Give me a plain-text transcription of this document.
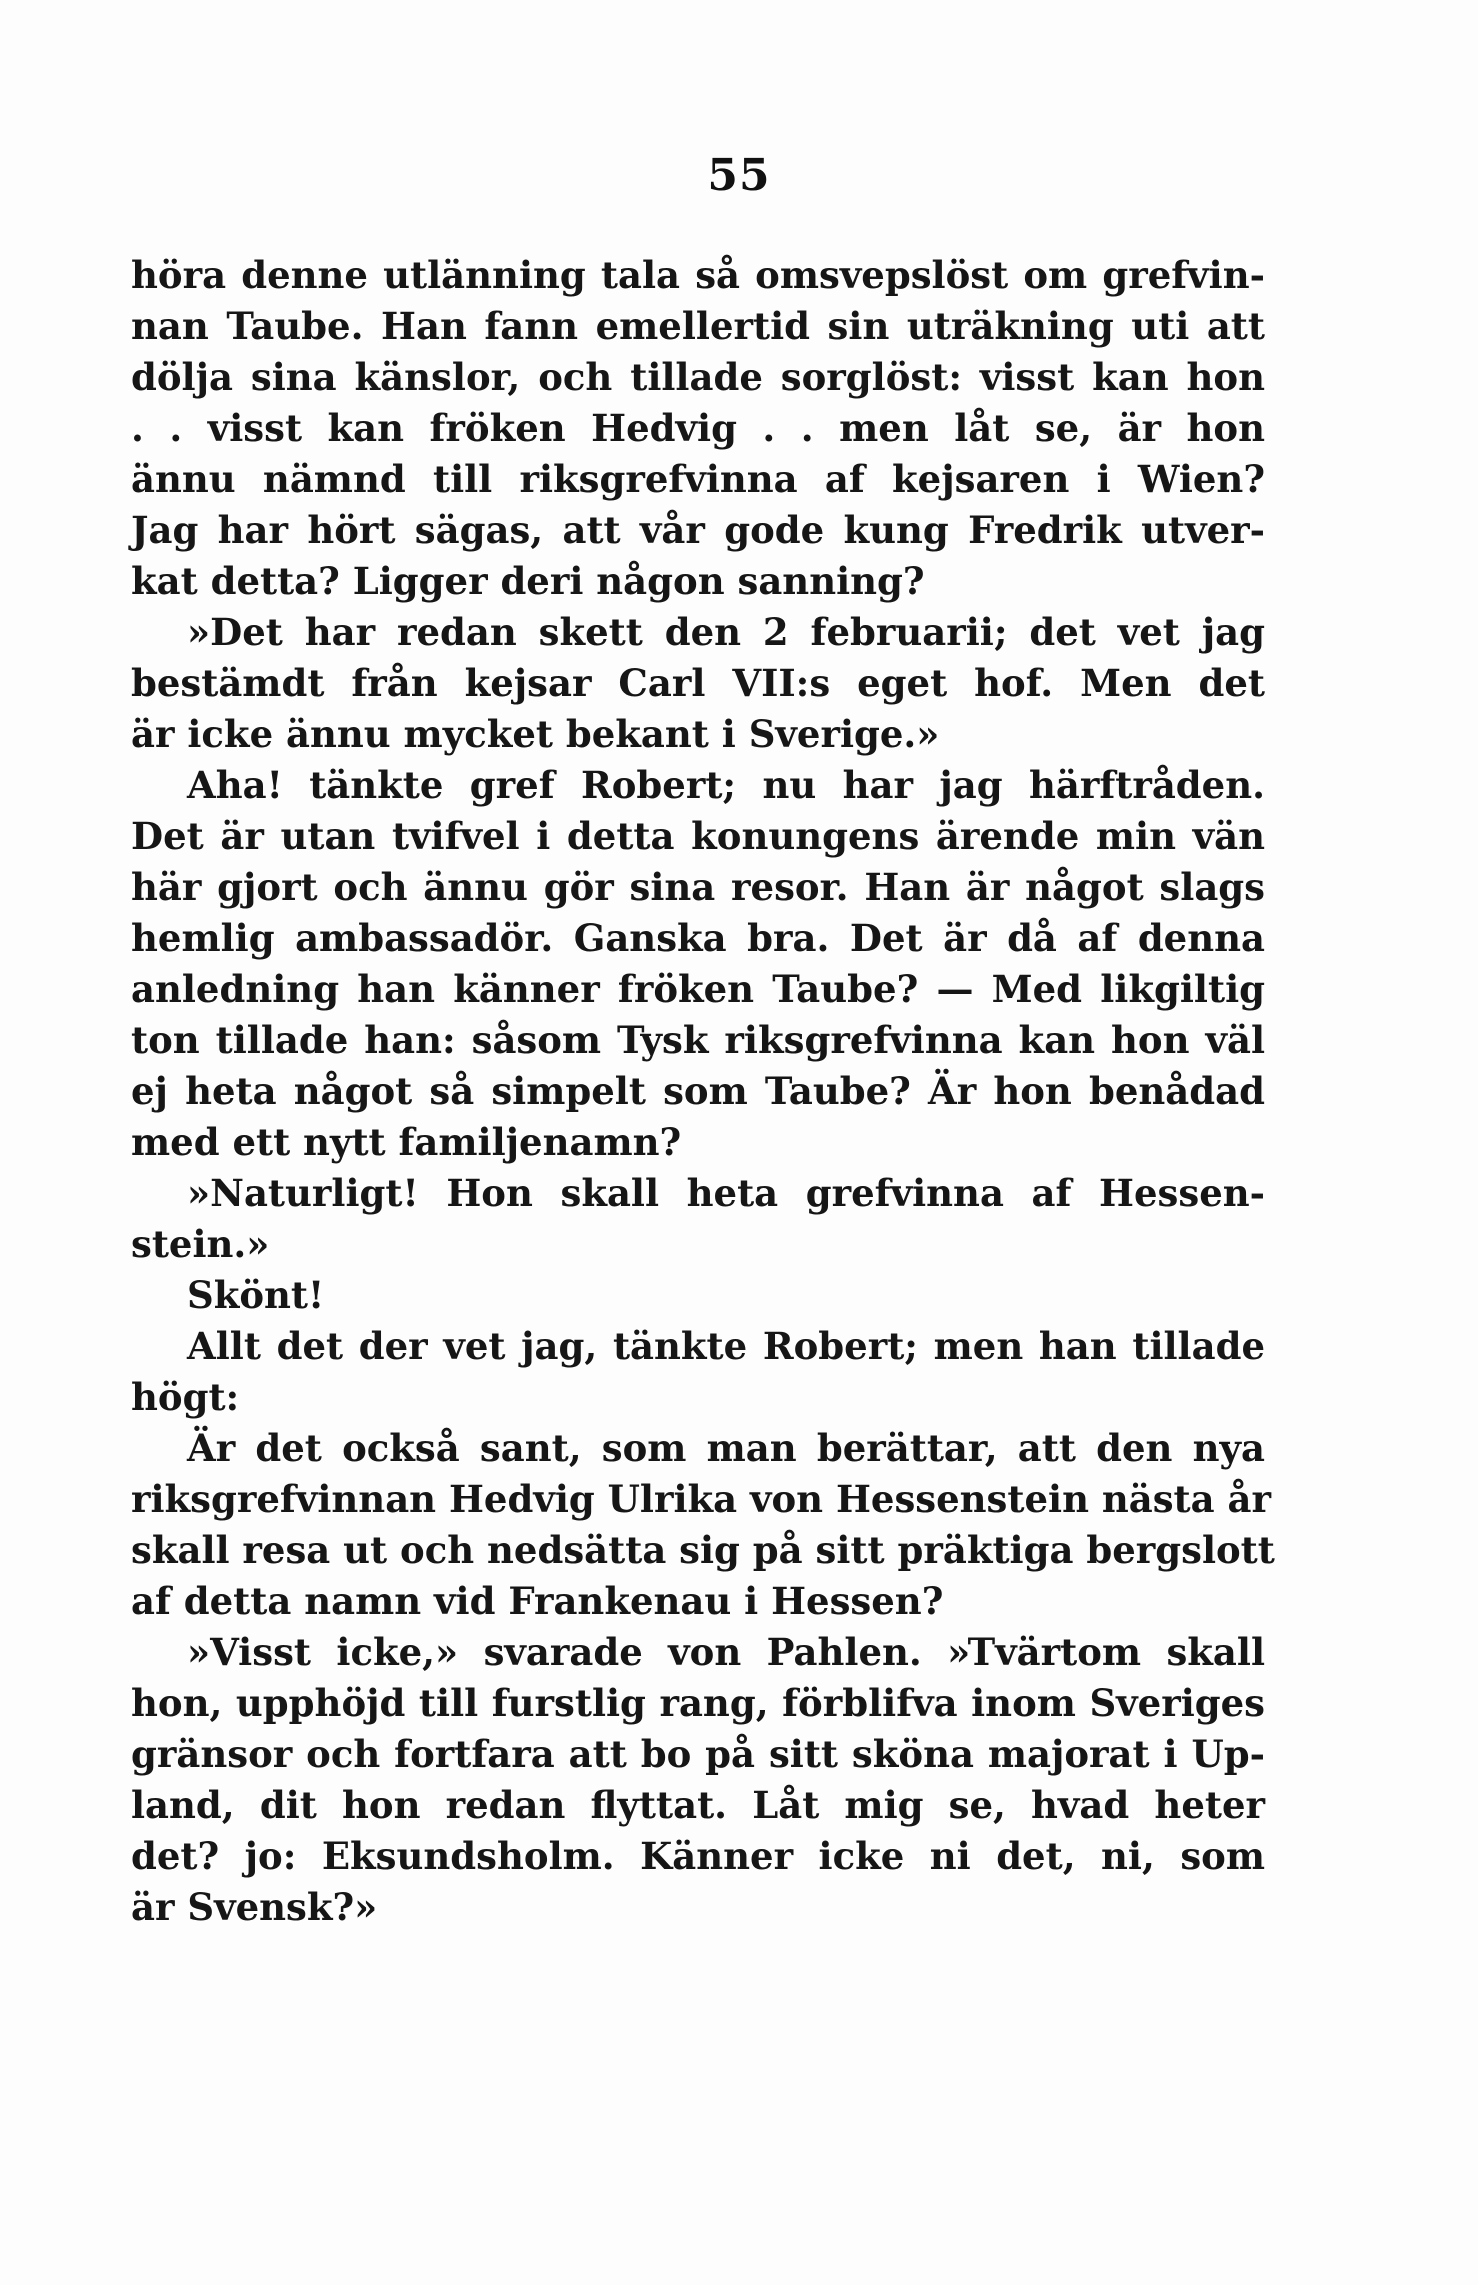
55
höra denne utlänning tala så omsvepslöst om grefvin-
nan Taube. Han fann emellertid sin uträkning uti att
dölja sina känslor, och tillade sorglöst: visst kan hon
. . visst kan fröken Hedvig . . men låt se, är hon
ännu nämnd till riksgrefvinna af kejsaren i Wien?
Jag har hört sägas, att vår gode kung Fredrik utver-
kat detta? Ligger deri någon sanning?
»Det har redan skett den 2 februarii; det vet jag
bestämdt från kejsar Carl VII:s eget hof. Men det
är icke ännu mycket bekant i Sverige.»
Aha! tänkte gref Robert; nu har jag härftråden.
Det är utan tvifvel i detta konungens ärende min vän
här gjort och ännu gör sina resor. Han är något slags
hemlig ambassadör. Ganska bra. Det är då af denna
anledning han känner fröken Taube? — Med likgiltig
ton tillade han: såsom Tysk riksgrefvinna kan hon väl
ej heta något så simpelt som Taube? Är hon benådad
med ett nytt familjenamn?
»Naturligt! Hon skall heta grefvinna af Hessen-
stein.»
Skönt!
Allt det der vet jag, tänkte Robert; men han tillade
högt:
Är det också sant, som man berättar, att den nya
riksgrefvinnan Hedvig Ulrika von Hessenstein nästa år
skall resa ut och nedsätta sig på sitt präktiga bergslott
af detta namn vid Frankenau i Hessen?
»Visst icke,» svarade von Pahlen. »Tvärtom skall
hon, upphöjd till furstlig rang, förblifva inom Sveriges
gränsor och fortfara att bo på sitt sköna majorat i Up-
land, dit hon redan flyttat. Låt mig se, hvad heter
det? jo: Eksundsholm. Känner icke ni det, ni, som
är Svensk?»
